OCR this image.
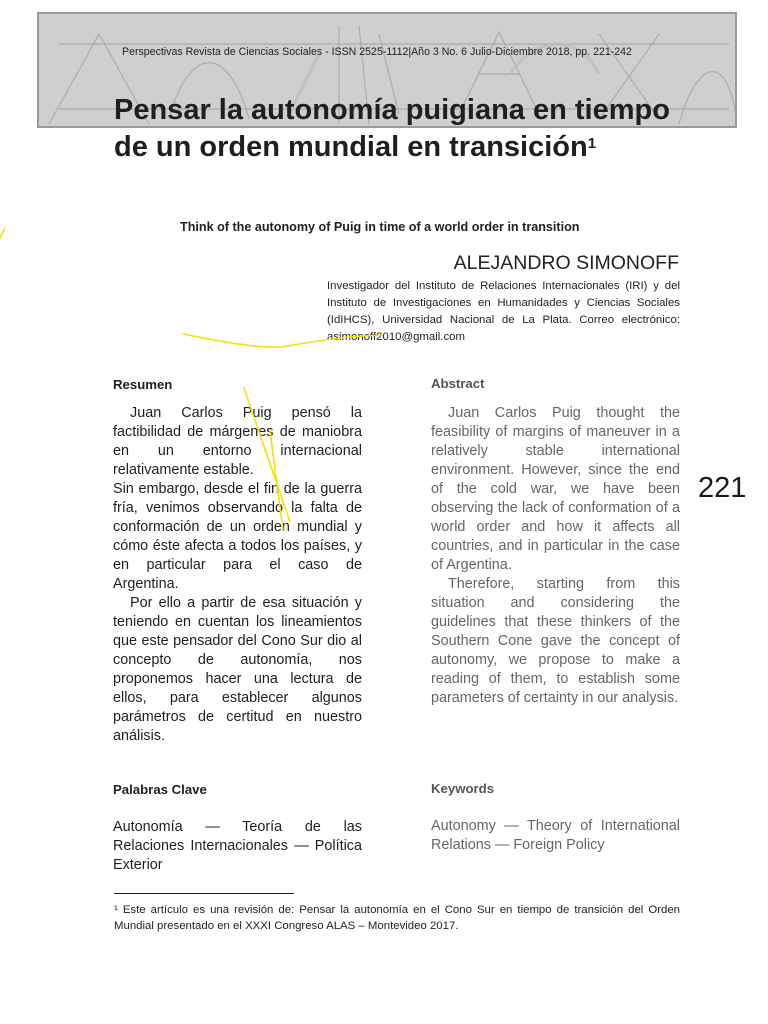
Perspectivas Revista de Ciencias Sociales - ISSN 2525-1112|Año 3 No. 6 Julio-Diciembre 2018, pp. 221-242
Pensar la autonomía puigiana en tiempo de un orden mundial en transición$^1$
Think of the autonomy of Puig in time of a world order in transition
ALEJANDRO SIMONOFF
Investigador del Instituto de Relaciones Internacionales (IRI) y del Instituto de Investigaciones en Humanidades y Ciencias Sociales (IdIHCS), Universidad Nacional de La Plata. Correo electrónico: asimonoff2010@gmail.com
Resumen	Abstract

Juan Carlos Puig pensó la factibilidad de márgenes de maniobra en un entorno internacional relativamente estable.

Sin embargo, desde el fin de la guerra fría, venimos observando la falta de conformación de un orden mundial y cómo éste afecta a todos los países, y en particular para el caso de Argentina.

Por ello a partir de esa situación y teniendo en cuentan los lineamientos que este pensador del Cono Sur dio al concepto de autonomía, nos proponemos hacer una lectura de ellos, para establecer algunos parámetros de certitud en nuestro análisis.

Juan Carlos Puig thought the feasibility of margins of maneuver in a relatively stable international environment. However, since the end of the cold war, we have been observing the lack of conformation of a world order and how it affects all countries, and in particular in the case of Argentina.

Therefore, starting from this situation and considering the guidelines that these thinkers of the Southern Cone gave the concept of autonomy, we propose to make a reading of them, to establish some parameters of certainty in our analysis.

221
Palabras Clave	Keywords
Autonomía — Teoría de las Relaciones Internacionales — Política Exterior
Autonomy — Theory of International Relations — Foreign Policy
¹ Este artículo es una revisión de: Pensar la autonomía en el Cono Sur en tiempo de transición del Orden Mundial presentado en el XXXI Congreso ALAS – Montevideo 2017.
